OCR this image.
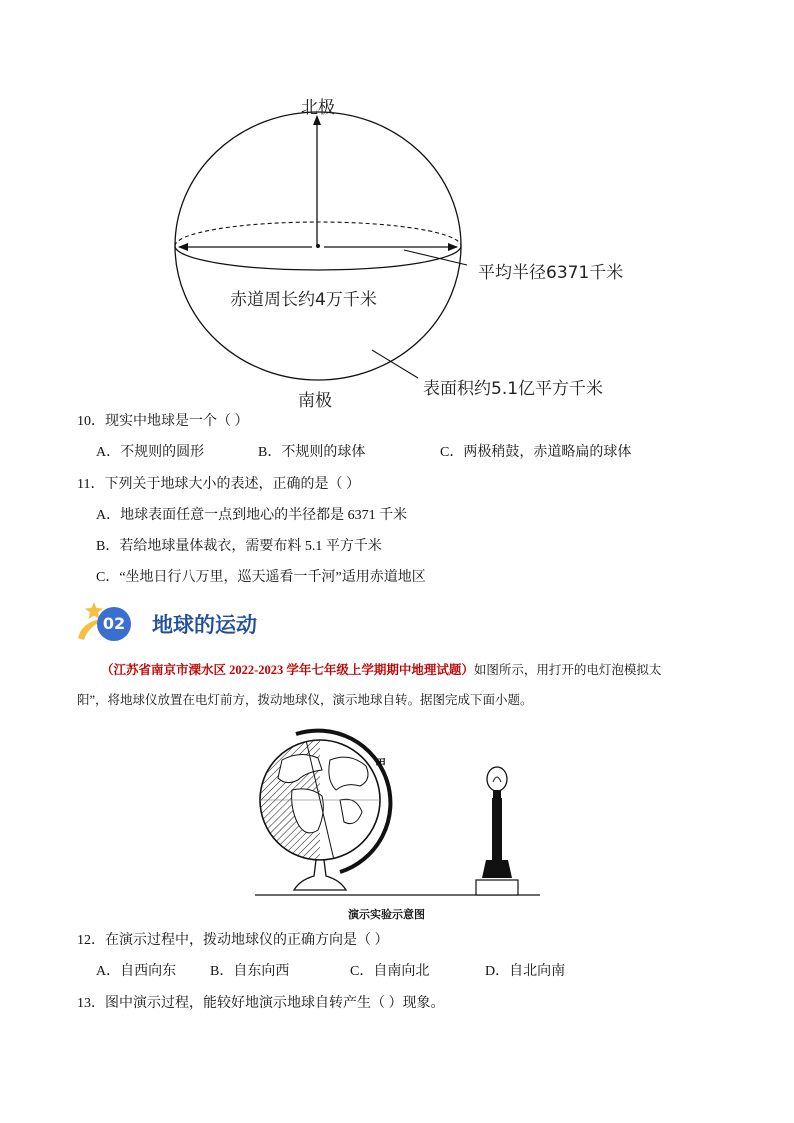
北极
南极
平均半径6371千米
赤道周长约4万千米
表面积约5.1亿平方千米
10．现实中地球是一个（ ）
A．不规则的圆形	B．不规则的球体	C．两极稍鼓，赤道略扁的球体
11．下列关于地球大小的表述，正确的是（ ）
A．地球表面任意一点到地心的半径都是 6371 千米
B．若给地球量体裁衣，需要布料 5.1 平方千米
C．“坐地日行八万里，巡天遥看一千河”适用赤道地区
02 地球的运动
（江苏省南京市溧水区 2022-2023 学年七年级上学期期中地理试题）如图所示，用打开的电灯泡模拟太
阳”，将地球仪放置在电灯前方，拨动地球仪，演示地球自转。据图完成下面小题。
甲
演示实验示意图
12．在演示过程中，拨动地球仪的正确方向是（ ）
A．自西向东 B．自东向西	C．自南向北	D．自北向南
13．图中演示过程，能较好地演示地球自转产生（ ）现象。
